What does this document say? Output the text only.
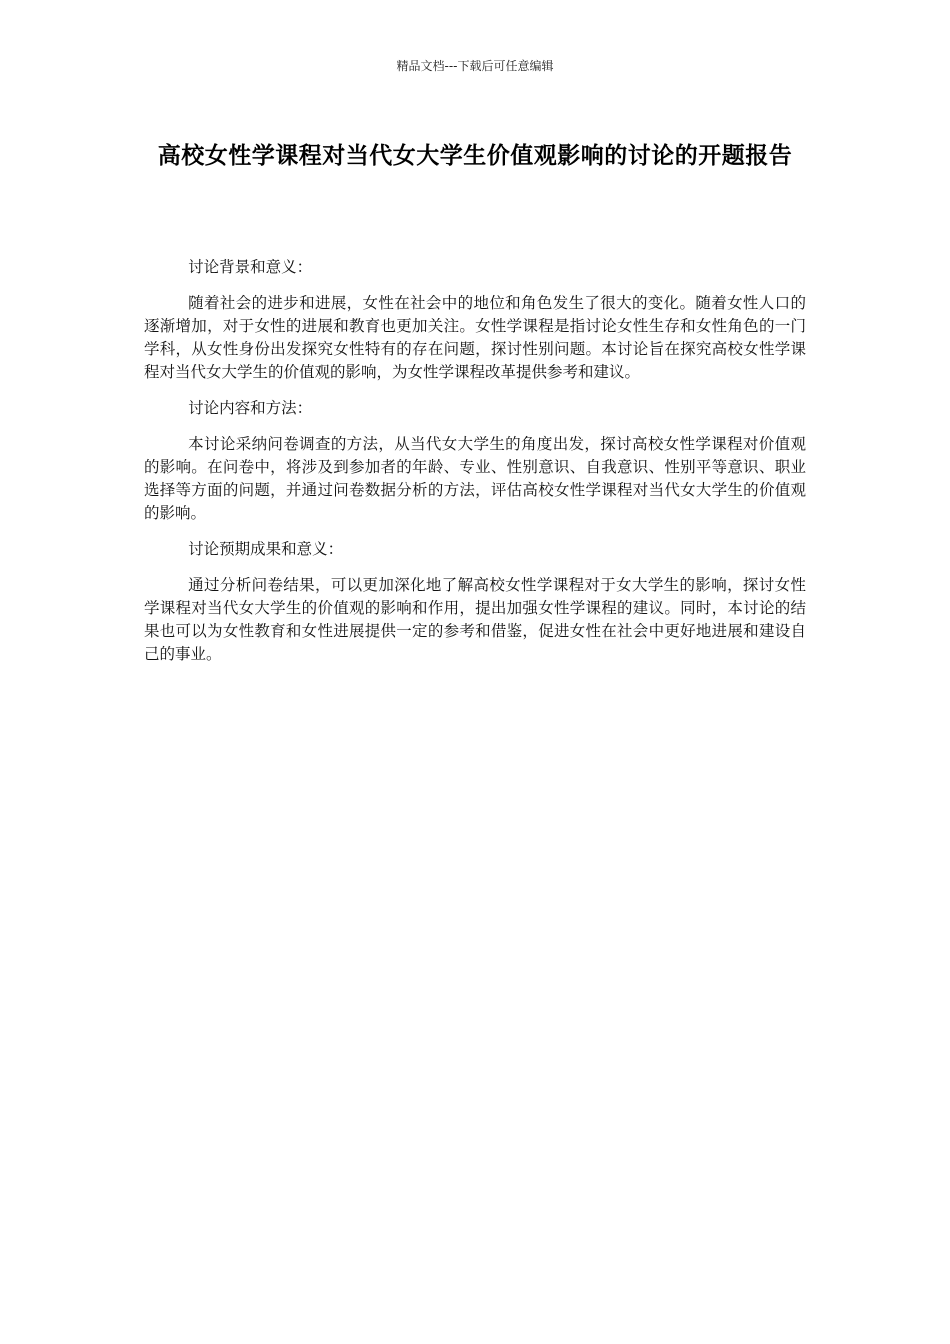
精品文档---下载后可任意编辑
高校女性学课程对当代女大学生价值观影响的讨论的开题报告

讨论背景和意义：

随着社会的进步和进展，女性在社会中的地位和角色发生了很大的变化。随着女性人口的逐渐增加，对于女性的进展和教育也更加关注。女性学课程是指讨论女性生存和女性角色的一门学科，从女性身份出发探究女性特有的存在问题，探讨性别问题。本讨论旨在探究高校女性学课程对当代女大学生的价值观的影响，为女性学课程改革提供参考和建议。

讨论内容和方法：

本讨论采纳问卷调查的方法，从当代女大学生的角度出发，探讨高校女性学课程对价值观的影响。在问卷中，将涉及到参加者的年龄、专业、性别意识、自我意识、性别平等意识、职业选择等方面的问题，并通过问卷数据分析的方法，评估高校女性学课程对当代女大学生的价值观的影响。

讨论预期成果和意义：

通过分析问卷结果，可以更加深化地了解高校女性学课程对于女大学生的影响，探讨女性学课程对当代女大学生的价值观的影响和作用，提出加强女性学课程的建议。同时，本讨论的结果也可以为女性教育和女性进展提供一定的参考和借鉴，促进女性在社会中更好地进展和建设自己的事业。
